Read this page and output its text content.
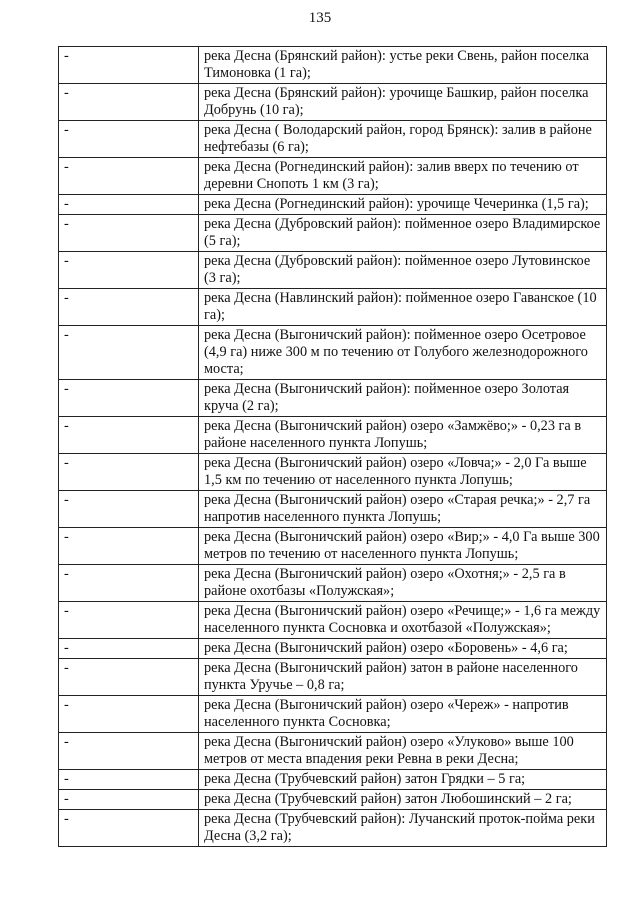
135
-	река Десна (Брянский район): устье реки Свень, район поселка Тимоновка (1 га);
-	река Десна (Брянский район): урочище Башкир, район поселка Добрунь (10 га);
-	река Десна ( Володарский район, город Брянск): залив в районе нефтебазы (6 га);
-	река Десна (Рогнединский район): залив вверх по течению от деревни Снопоть 1 км (3 га);
-	река Десна (Рогнединский район): урочище Чечеринка (1,5 га);
-	река Десна (Дубровский район): пойменное озеро Владимирское (5 га);
-	река Десна (Дубровский район): пойменное озеро Лутовинское (3 га);
-	река Десна (Навлинский район): пойменное озеро Гаванское (10 га);
-	река Десна (Выгоничский район): пойменное озеро Осетровое (4,9 га) ниже 300 м по течению от Голубого железнодорожного моста;
-	река Десна (Выгоничский район): пойменное озеро Золотая круча (2 га);
-	река Десна (Выгоничский район) озеро «Замжёво;» - 0,23 га в районе населенного пункта Лопушь;
-	река Десна (Выгоничский район) озеро «Ловча;» - 2,0 Га выше 1,5 км по течению от населенного пункта Лопушь;
-	река Десна (Выгоничский район) озеро «Старая речка;» - 2,7 га напротив населенного пункта Лопушь;
-	река Десна (Выгоничский район) озеро «Вир;» - 4,0 Га выше 300 метров по течению от населенного пункта Лопушь;
-	река Десна (Выгоничский район) озеро «Охотня;» - 2,5 га в районе охотбазы «Полужская»;
-	река Десна (Выгоничский район) озеро «Речище;» - 1,6 га между населенного пункта Сосновка и охотбазой «Полужская»;
-	река Десна (Выгоничский район) озеро «Боровень» - 4,6 га;
-	река Десна (Выгоничский район) затон в районе населенного пункта Уручье – 0,8 га;
-	река Десна (Выгоничский район) озеро «Череж» - напротив населенного пункта Сосновка;
-	река Десна (Выгоничский район) озеро «Улуково» выше 100 метров от места впадения реки Ревна в реки Десна;
-	река Десна (Трубчевский район) затон Грядки – 5 га;
-	река Десна (Трубчевский район) затон Любошинский – 2 га;
-	река Десна (Трубчевский район): Лучанский проток-пойма реки Десна (3,2 га);
